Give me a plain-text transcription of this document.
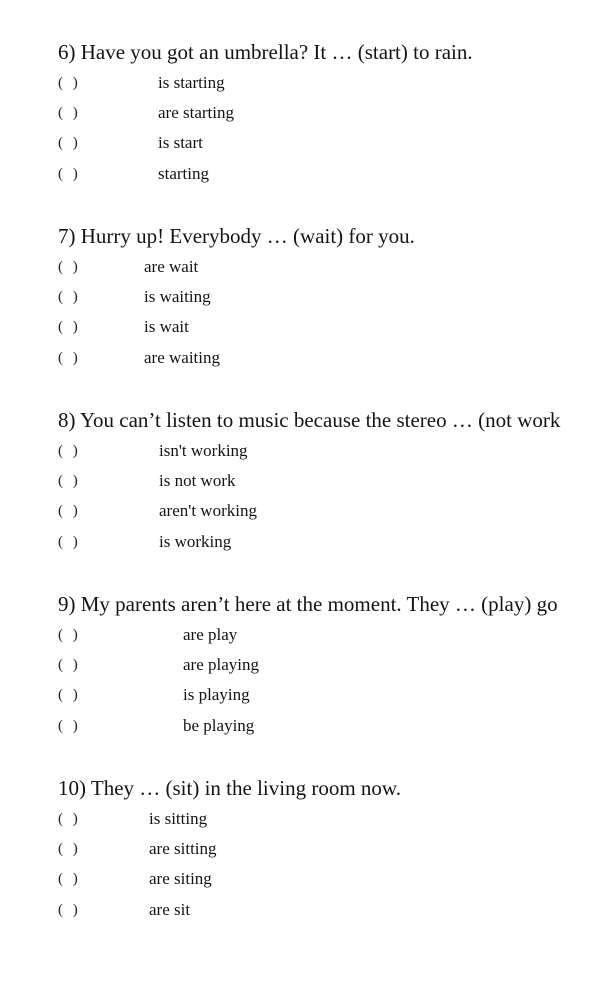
6) Have you got an umbrella? It … (start) to rain.

( )	is starting
( )	are starting
( )	is start
( )	starting

7) Hurry up! Everybody … (wait) for you.

( )	are wait
( )	is waiting
( )	is wait
( )	are waiting

8) You can’t listen to music because the stereo … (not work

( )	isn't working
( )	is not work
( )	aren't working
( )	is working

9) My parents aren’t here at the moment. They … (play) go

( )	are play
( )	are playing
( )	is playing
( )	be playing

10) They … (sit) in the living room now.

( )	is sitting
( )	are sitting
( )	are siting
( )	are sit
